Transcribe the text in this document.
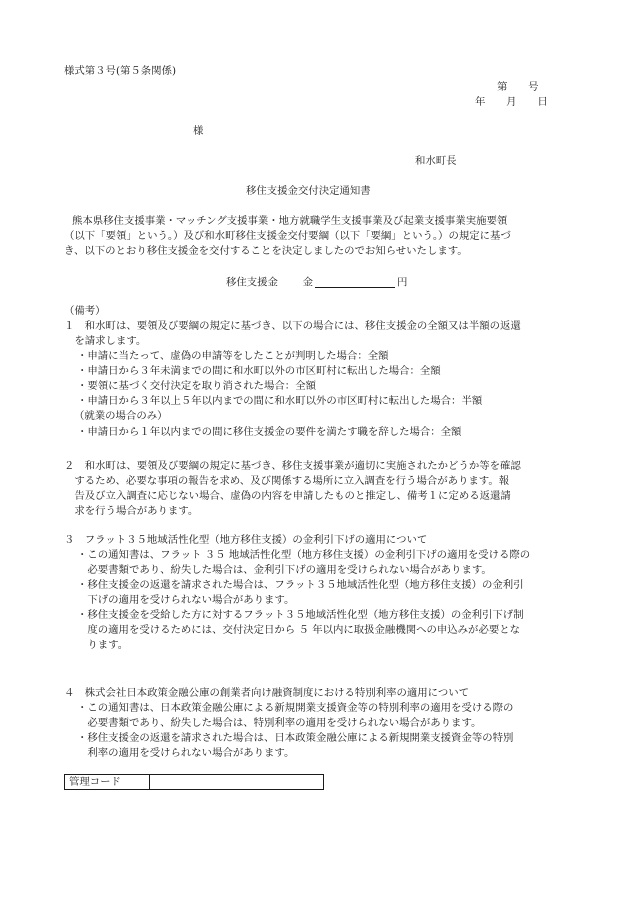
様式第３号(第５条関係)
第　　号
年　　月　　日
様
和水町長
移住支援金交付決定通知書
熊本県移住支援事業・マッチング支援事業・地方就職学生支援事業及び起業支援事業実施要領
（以下「要領」という。）及び和水町移住支援金交付要綱（以下「要綱」という。）の規定に基づ
き、以下のとおり移住支援金を交付することを決定しましたのでお知らせいたします。
移住支援金 金	円
（備考）
１　和水町は、要領及び要綱の規定に基づき、以下の場合には、移住支援金の全額又は半額の返還
　を請求します。
・申請に当たって、虚偽の申請等をしたことが判明した場合：全額
・申請日から３年未満までの間に和水町以外の市区町村に転出した場合：全額
・要領に基づく交付決定を取り消された場合：全額
・申請日から３年以上５年以内までの間に和水町以外の市区町村に転出した場合：半額
（就業の場合のみ）
・申請日から１年以内までの間に移住支援金の要件を満たす職を辞した場合：全額
２　和水町は、要領及び要綱の規定に基づき、移住支援事業が適切に実施されたかどうか等を確認
　するため、必要な事項の報告を求め、及び関係する場所に立入調査を行う場合があります。報
　告及び立入調査に応じない場合、虚偽の内容を申請したものと推定し、備考１に定める返還請
　求を行う場合があります。
３　フラット３５地域活性化型（地方移住支援）の金利引下げの適用について
・この通知書は、フラット ３５ 地域活性化型（地方移住支援）の金利引下げの適用を受ける際の
　必要書類であり、紛失した場合は、金利引下げの適用を受けられない場合があります。
・移住支援金の返還を請求された場合は、フラット３５地域活性化型（地方移住支援）の金利引
　下げの適用を受けられない場合があります。
・移住支援金を受給した方に対するフラット３５地域活性化型（地方移住支援）の金利引下げ制
　度の適用を受けるためには、交付決定日から ５ 年以内に取扱金融機関への申込みが必要とな
　ります。
４　株式会社日本政策金融公庫の創業者向け融資制度における特別利率の適用について
・この通知書は、日本政策金融公庫による新規開業支援資金等の特別利率の適用を受ける際の
　必要書類であり、紛失した場合は、特別利率の適用を受けられない場合があります。
・移住支援金の返還を請求された場合は、日本政策金融公庫による新規開業支援資金等の特別
　利率の適用を受けられない場合があります。
管理コード	
